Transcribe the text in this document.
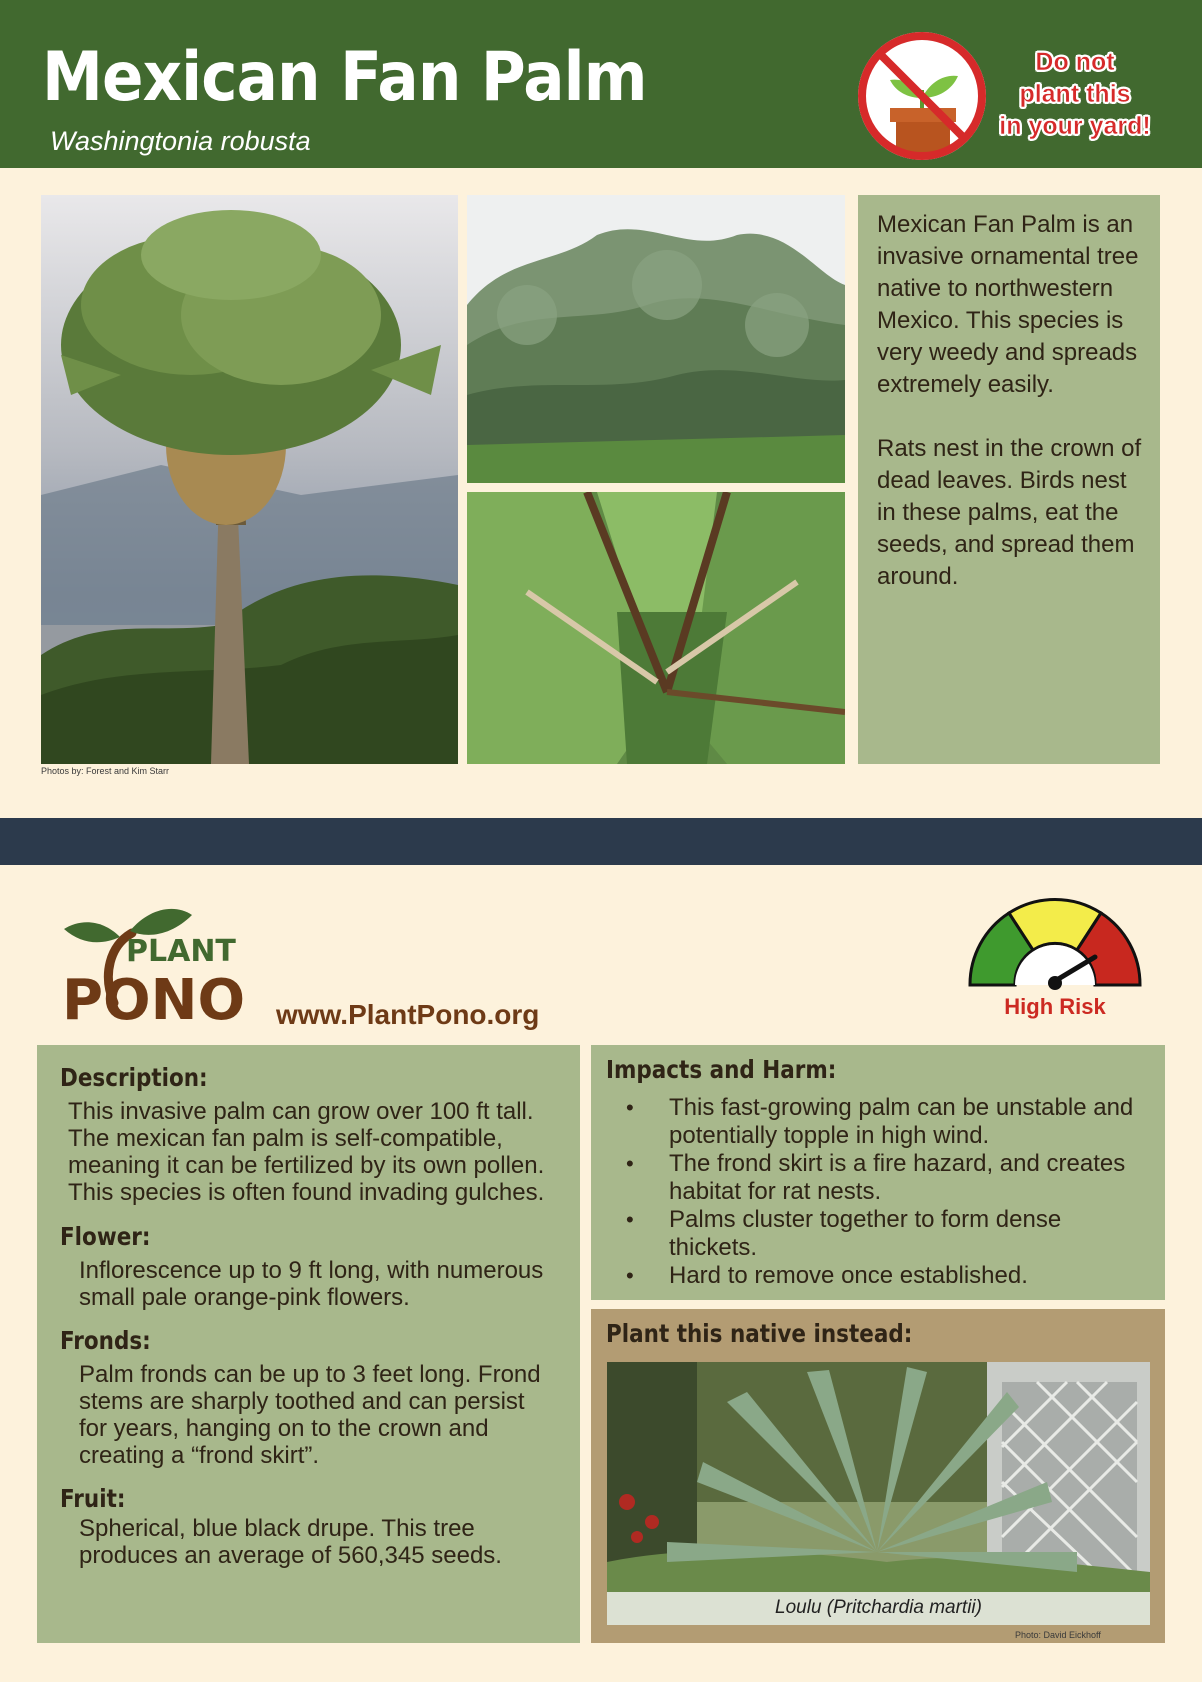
Mexican Fan Palm
Washingtonia robusta
Do not
plant this
in your yard!
Photos by: Forest and Kim Starr

Mexican Fan Palm is an invasive ornamental tree native to northwestern Mexico. This species is very weedy and spreads extremely easily.

Rats nest in the crown of dead leaves. Birds nest in these palms, eat the seeds, and spread them around.

PLANT
PONO www.PlantPono.org	High Risk
Description:

This invasive palm can grow over 100 ft tall. The mexican fan palm is self-compatible, meaning it can be fertilized by its own pollen. This species is often found invading gulches.

Flower:

Inflorescence up to 9 ft long, with numerous small pale orange-pink flowers.

Fronds:

Palm fronds can be up to 3 feet long. Frond stems are sharply toothed and can persist for years, hanging on to the crown and creating a “frond skirt”.

Fruit:

Spherical, blue black drupe. This tree produces an average of 560,345 seeds.

Impacts and Harm:
• This fast-growing palm can be unstable and potentially topple in high wind.
• The frond skirt is a fire hazard, and creates habitat for rat nests.
• Palms cluster together to form dense thickets.
• Hard to remove once established.
Plant this native instead:
Loulu (Pritchardia martii)
Photo: David Eickhoff
